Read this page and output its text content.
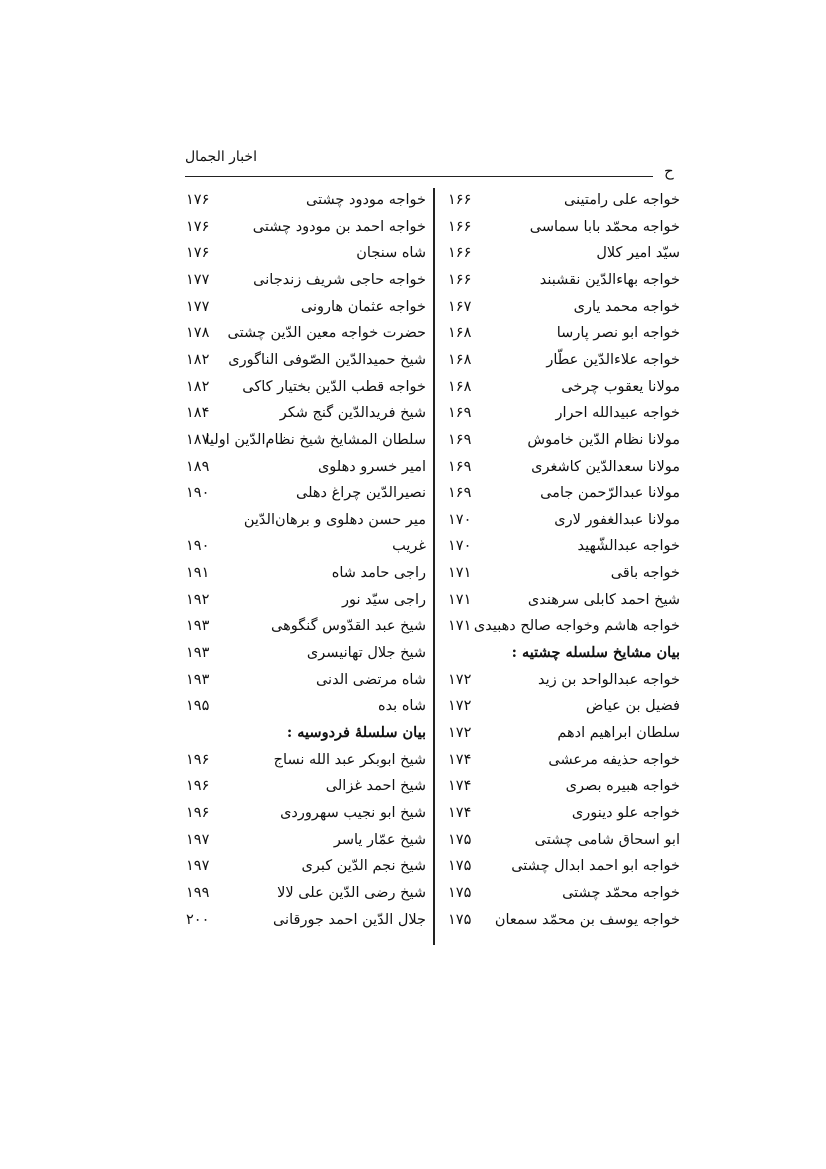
اخبار الجمال
ح
خواجه علی رامتینی
۱۶۶
خواجه محمّد بابا سماسی
۱۶۶
سیّد امیر کلال
۱۶۶
خواجه بهاءالدّین نقشبند
۱۶۶
خواجه محمد یاری
۱۶۷
خواجه ابو نصر پارسا
۱۶۸
خواجه علاءالدّین عطّار
۱۶۸
مولانا یعقوب چرخی
۱۶۸
خواجه عبیدالله احرار
۱۶۹
مولانا نظام الدّین خاموش
۱۶۹
مولانا سعدالدّین کاشغری
۱۶۹
مولانا عبدالرّحمن جامی
۱۶۹
مولانا عبدالغفور لاری
۱۷۰
خواجه عبدالشّهید
۱۷۰
خواجه باقی
۱۷۱
شیخ احمد کابلی سرهندی
۱۷۱
خواجه هاشم وخواجه صالح دهبیدی
۱۷۱
بیان مشایخ سلسله چشتیه :
خواجه عبدالواحد بن زید
۱۷۲
فضیل بن عیاض
۱۷۲
سلطان ابراهیم ادهم
۱۷۲
خواجه حذیفه مرعشی
۱۷۴
خواجه هبیره بصری
۱۷۴
خواجه علو دینوری
۱۷۴
ابو اسحاق شامی چشتی
۱۷۵
خواجه ابو احمد ابدال چشتی
۱۷۵
خواجه محمّد چشتی
۱۷۵
خواجه یوسف بن محمّد سمعان
۱۷۵
خواجه مودود چشتی
۱۷۶
خواجه احمد بن مودود چشتی
۱۷۶
شاه سنجان
۱۷۶
خواجه حاجی شریف زندجانی
۱۷۷
خواجه عثمان هارونی
۱۷۷
حضرت خواجه معین الدّین چشتی
۱۷۸
شیخ حمیدالدّین الصّوفی الناگوری
۱۸۲
خواجه قطب الدّین بختیار کاکی
۱۸۲
شیخ فریدالدّین گنج شکر
۱۸۴
سلطان المشایخ شیخ نظام‌الدّین اولیا
۱۸۷
امیر خسرو دهلوی
۱۸۹
نصیرالدّین چراغ دهلی
۱۹۰
میر حسن دهلوی و برهان‌الدّین
غریب
۱۹۰
راجی حامد شاه
۱۹۱
راجی سیّد نور
۱۹۲
شیخ عبد القدّوس گنگوهی
۱۹۳
شیخ جلال تهانیسری
۱۹۳
شاه مرتضی الدنی
۱۹۳
شاه بده
۱۹۵
بیان سلسلهٔ فردوسیه :
شیخ ابوبکر عبد الله نساج
۱۹۶
شیخ احمد غزالی
۱۹۶
شیخ ابو نجیب سهروردی
۱۹۶
شیخ عمّار یاسر
۱۹۷
شیخ نجم الدّین کبری
۱۹۷
شیخ رضی الدّین علی لالا
۱۹۹
جلال الدّین احمد جورقانی
۲۰۰
